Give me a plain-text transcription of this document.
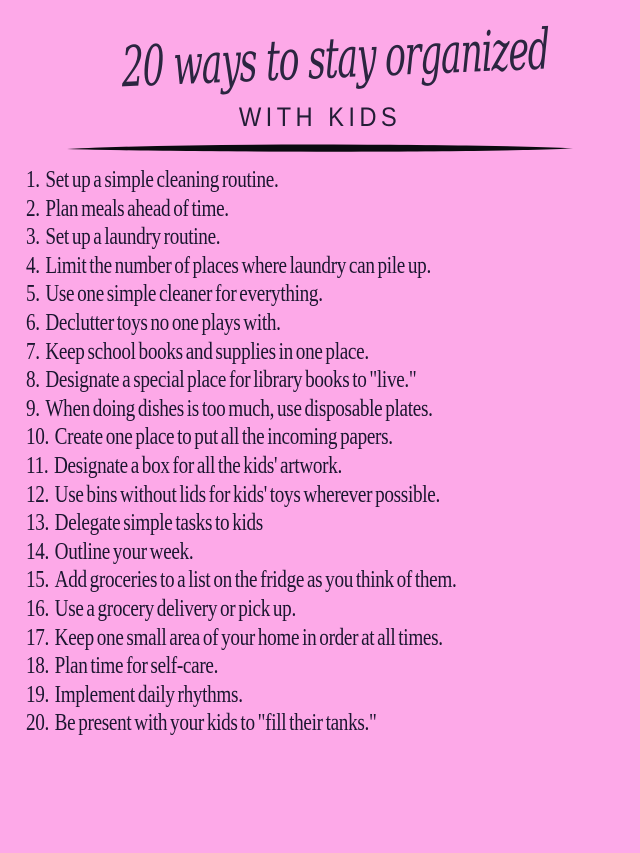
20 ways to stay organized
WITH KIDS
1. Set up a simple cleaning routine.
2. Plan meals ahead of time.
3. Set up a laundry routine.
4. Limit the number of places where laundry can pile up.
5. Use one simple cleaner for everything.
6. Declutter toys no one plays with.
7. Keep school books and supplies in one place.
8. Designate a special place for library books to "live."
9. When doing dishes is too much, use disposable plates.
10. Create one place to put all the incoming papers.
11. Designate a box for all the kids' artwork.
12. Use bins without lids for kids' toys wherever possible.
13. Delegate simple tasks to kids
14. Outline your week.
15. Add groceries to a list on the fridge as you think of them.
16. Use a grocery delivery or pick up.
17. Keep one small area of your home in order at all times.
18. Plan time for self-care.
19. Implement daily rhythms.
20. Be present with your kids to "fill their tanks."
